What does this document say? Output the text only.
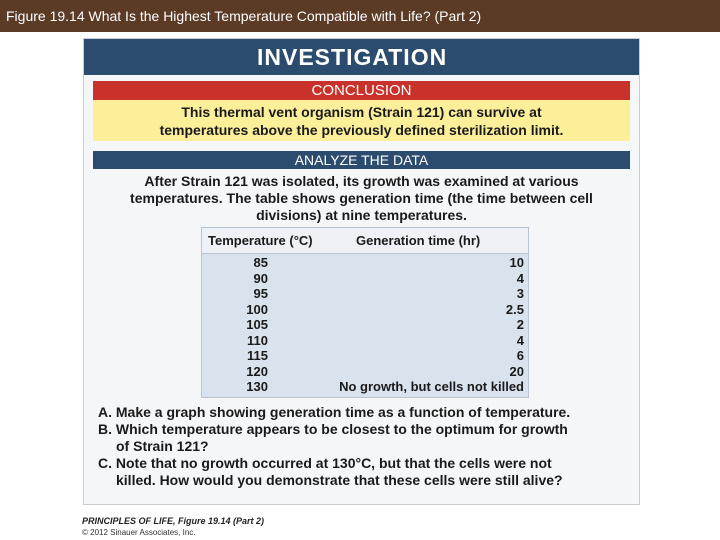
Figure 19.14 What Is the Highest Temperature Compatible with Life? (Part 2)
INVESTIGATION
CONCLUSION
This thermal vent organism (Strain 121) can survive at
temperatures above the previously defined sterilization limit.
ANALYZE THE DATA
After Strain 121 was isolated, its growth was examined at various
temperatures. The table shows generation time (the time between cell
divisions) at nine temperatures.
Temperature (°C)	Generation time (hr)
85	10
90	4
95	3
100	2.5
105	2
110	4
115	6
120	20
130	No growth, but cells not killed
A. Make a graph showing generation time as a function of temperature.
B. Which temperature appears to be closest to the optimum for growth
of Strain 121?
C. Note that no growth occurred at 130°C, but that the cells were not
killed. How would you demonstrate that these cells were still alive?
PRINCIPLES OF LIFE, Figure 19.14 (Part 2)
© 2012 Sinauer Associates, Inc.
